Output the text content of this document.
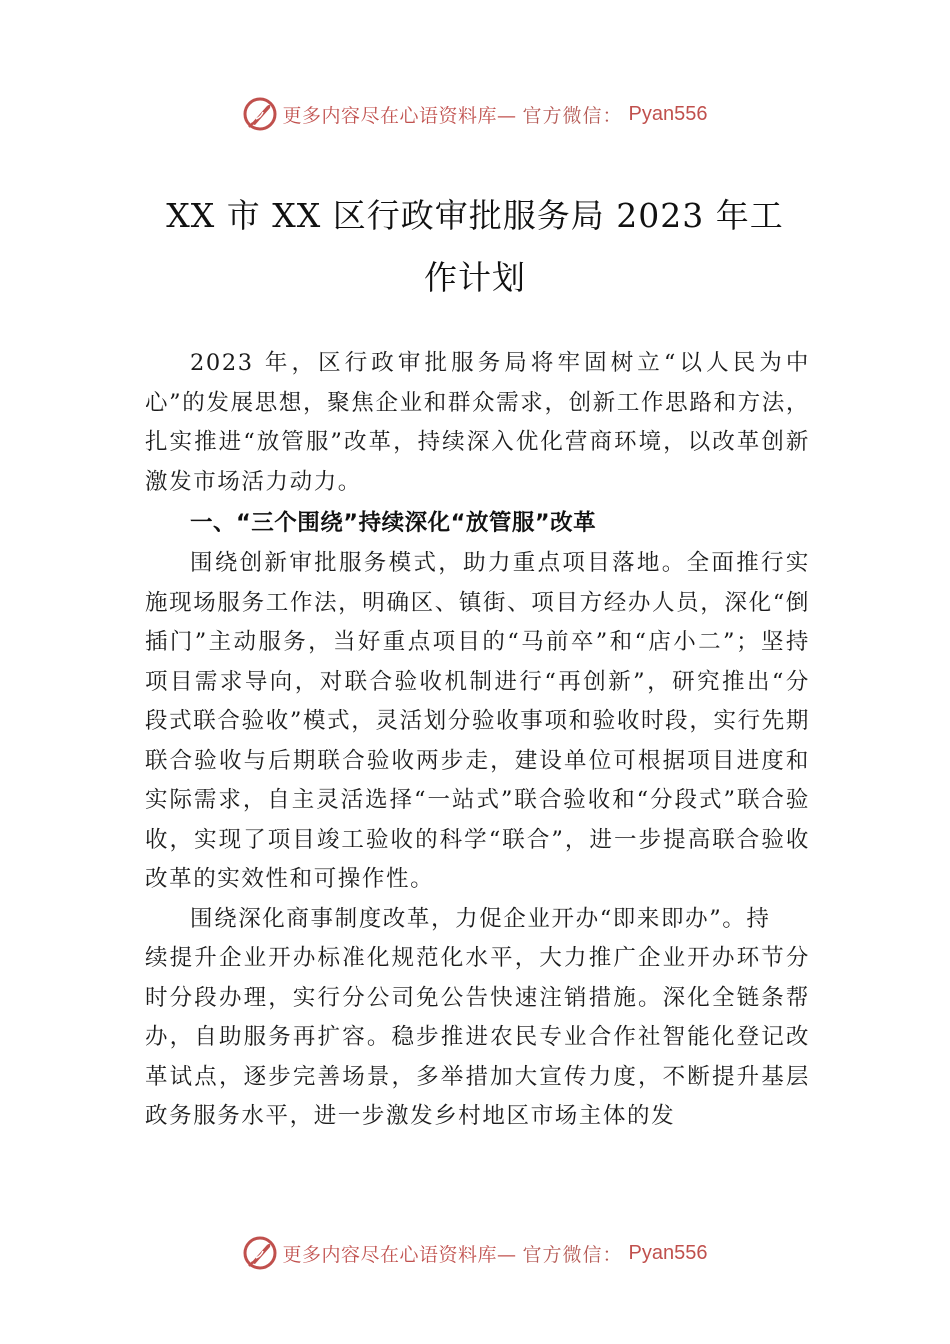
更多内容尽在心语资料库— 官方微信： Pyan556
XX 市 XX 区行政审批服务局 2023 年工
作计划

2023 年，区行政审批服务局将牢固树立“以人民为中心”的发展思想，聚焦企业和群众需求，创新工作思路和方法， 扎实推进“放管服”改革，持续深入优化营商环境，以改革创新激发市场活力动力。

一、“三个围绕”持续深化“放管服”改革

围绕创新审批服务模式，助力重点项目落地。全面推行实施现场服务工作法，明确区、镇街、项目方经办人员，深化“倒插门”主动服务，当好重点项目的“马前卒”和“店小二”；坚持项目需求导向，对联合验收机制进行“再创新”，研究推出“分段式联合验收”模式，灵活划分验收事项和验收时段，实行先期联合验收与后期联合验收两步走，建设单位可根据项目进度和实际需求，自主灵活选择“一站式”联合验收和“分段式”联合验收，实现了项目竣工验收的科学“联合”，进一步提高联合验收改革的实效性和可操作性。

围绕深化商事制度改革，力促企业开办“即来即办”。持

续提升企业开办标准化规范化水平，大力推广企业开办环节分时分段办理，实行分公司免公告快速注销措施。深化全链条帮办，自助服务再扩容。稳步推进农民专业合作社智能化登记改革试点，逐步完善场景，多举措加大宣传力度，不断提升基层政务服务水平，进一步激发乡村地区市场主体的发

更多内容尽在心语资料库— 官方微信： Pyan556
